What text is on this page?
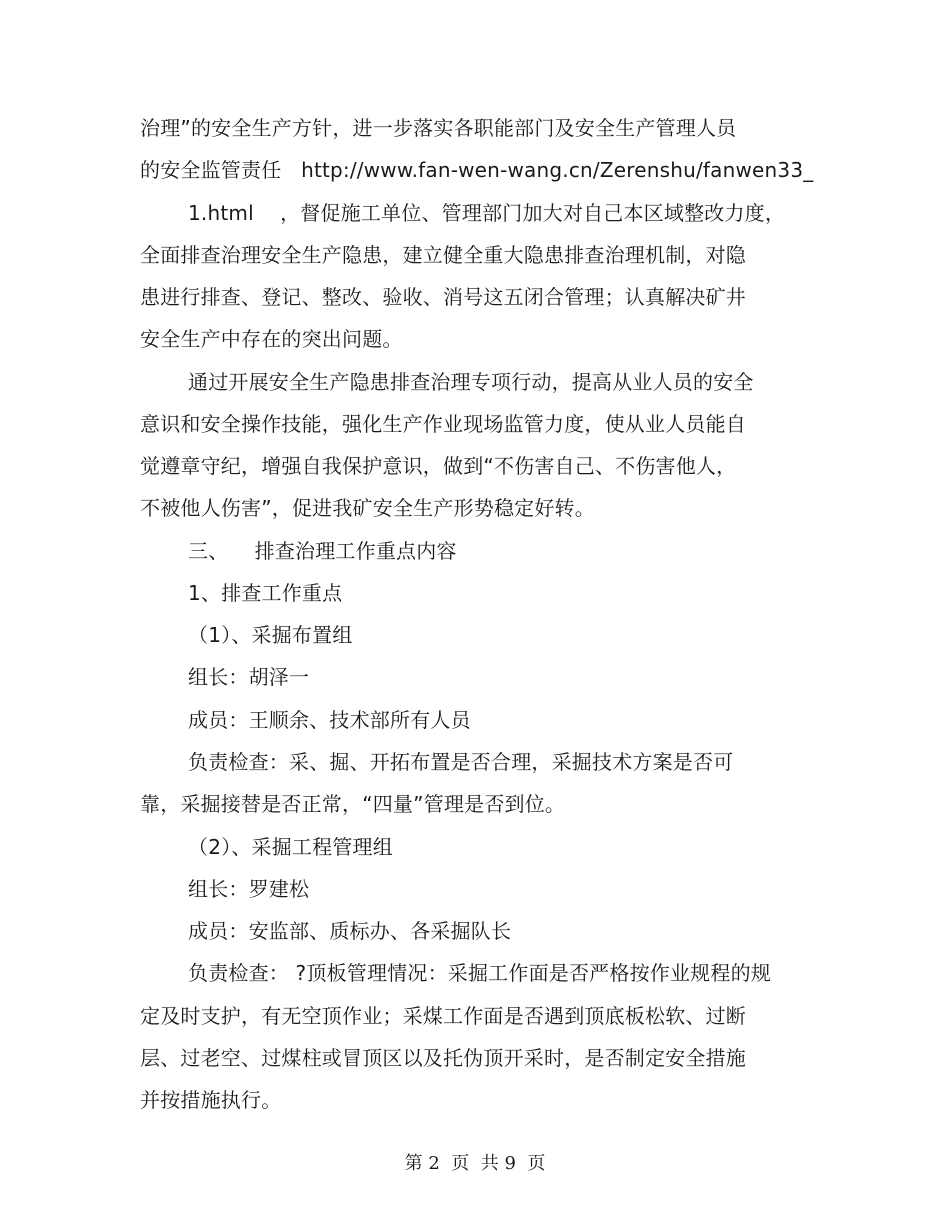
治理”的安全生产方针，进一步落实各职能部门及安全生产管理人员
的安全监管责任   http://www.fan-wen-wang.cn/Zerenshu/fanwen33_
1.html    ，督促施工单位、管理部门加大对自己本区域整改力度，
全面排查治理安全生产隐患，建立健全重大隐患排查治理机制，对隐
患进行排查、登记、整改、验收、消号这五闭合管理；认真解决矿井
安全生产中存在的突出问题。
通过开展安全生产隐患排查治理专项行动，提高从业人员的安全
意识和安全操作技能，强化生产作业现场监管力度，使从业人员能自
觉遵章守纪，增强自我保护意识，做到“不伤害自己、不伤害他人，
不被他人伤害”，促进我矿安全生产形势稳定好转。
三、    排查治理工作重点内容
1、排查工作重点
（1）、采掘布置组
组长：胡泽一
成员：王顺余、技术部所有人员
负责检查：采、掘、开拓布置是否合理，采掘技术方案是否可
靠，采掘接替是否正常，“四量”管理是否到位。
（2）、采掘工程管理组
组长：罗建松
成员：安监部、质标办、各采掘队长
负责检查： ?顶板管理情况：采掘工作面是否严格按作业规程的规
定及时支护，有无空顶作业；采煤工作面是否遇到顶底板松软、过断
层、过老空、过煤柱或冒顶区以及托伪顶开采时，是否制定安全措施
并按措施执行。
第 2  页  共 9  页
